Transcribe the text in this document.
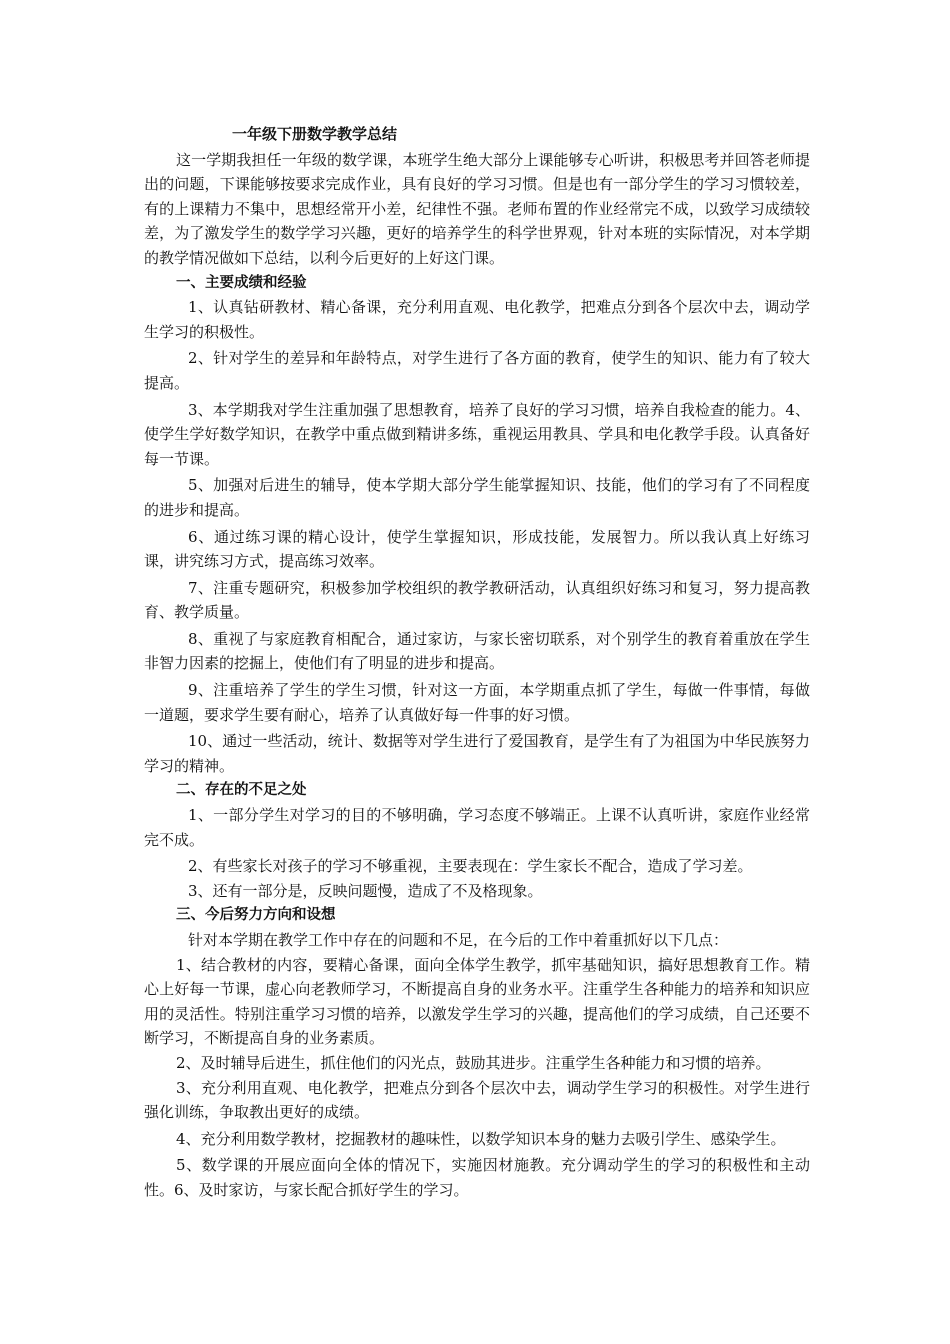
一年级下册数学教学总结

这一学期我担任一年级的数学课，本班学生绝大部分上课能够专心听讲，积极思考并回答老师提出的问题，下课能够按要求完成作业，具有良好的学习习惯。但是也有一部分学生的学习习惯较差，有的上课精力不集中，思想经常开小差，纪律性不强。老师布置的作业经常完不成，以致学习成绩较差，为了激发学生的数学学习兴趣，更好的培养学生的科学世界观，针对本班的实际情况，对本学期的教学情况做如下总结，以利今后更好的上好这门课。

一、主要成绩和经验

1、认真钻研教材、精心备课，充分利用直观、电化教学，把难点分到各个层次中去，调动学生学习的积极性。

2、针对学生的差异和年龄特点，对学生进行了各方面的教育，使学生的知识、能力有了较大提高。

3、本学期我对学生注重加强了思想教育，培养了良好的学习习惯，培养自我检查的能力。4、使学生学好数学知识，在教学中重点做到精讲多练，重视运用教具、学具和电化教学手段。认真备好每一节课。

5、加强对后进生的辅导，使本学期大部分学生能掌握知识、技能，他们的学习有了不同程度的进步和提高。

6、通过练习课的精心设计，使学生掌握知识，形成技能，发展智力。所以我认真上好练习课，讲究练习方式，提高练习效率。

7、注重专题研究，积极参加学校组织的教学教研活动，认真组织好练习和复习，努力提高教育、教学质量。

8、重视了与家庭教育相配合，通过家访，与家长密切联系，对个别学生的教育着重放在学生非智力因素的挖掘上，使他们有了明显的进步和提高。

9、注重培养了学生的学生习惯，针对这一方面，本学期重点抓了学生，每做一件事情，每做一道题，要求学生要有耐心，培养了认真做好每一件事的好习惯。

10、通过一些活动，统计、数据等对学生进行了爱国教育，是学生有了为祖国为中华民族努力学习的精神。

二、存在的不足之处

1、一部分学生对学习的目的不够明确，学习态度不够端正。上课不认真听讲，家庭作业经常完不成。

2、有些家长对孩子的学习不够重视，主要表现在：学生家长不配合，造成了学习差。

3、还有一部分是，反映问题慢，造成了不及格现象。

三、今后努力方向和设想

针对本学期在教学工作中存在的问题和不足，在今后的工作中着重抓好以下几点：

1、结合教材的内容，要精心备课，面向全体学生教学，抓牢基础知识，搞好思想教育工作。精心上好每一节课，虚心向老教师学习，不断提高自身的业务水平。注重学生各种能力的培养和知识应用的灵活性。特别注重学习习惯的培养，以激发学生学习的兴趣，提高他们的学习成绩，自己还要不断学习，不断提高自身的业务素质。

2、及时辅导后进生，抓住他们的闪光点，鼓励其进步。注重学生各种能力和习惯的培养。

3、充分利用直观、电化教学，把难点分到各个层次中去，调动学生学习的积极性。对学生进行强化训练，争取教出更好的成绩。

4、充分利用数学教材，挖掘教材的趣味性，以数学知识本身的魅力去吸引学生、感染学生。

5、数学课的开展应面向全体的情况下，实施因材施教。充分调动学生的学习的积极性和主动性。6、及时家访，与家长配合抓好学生的学习。
